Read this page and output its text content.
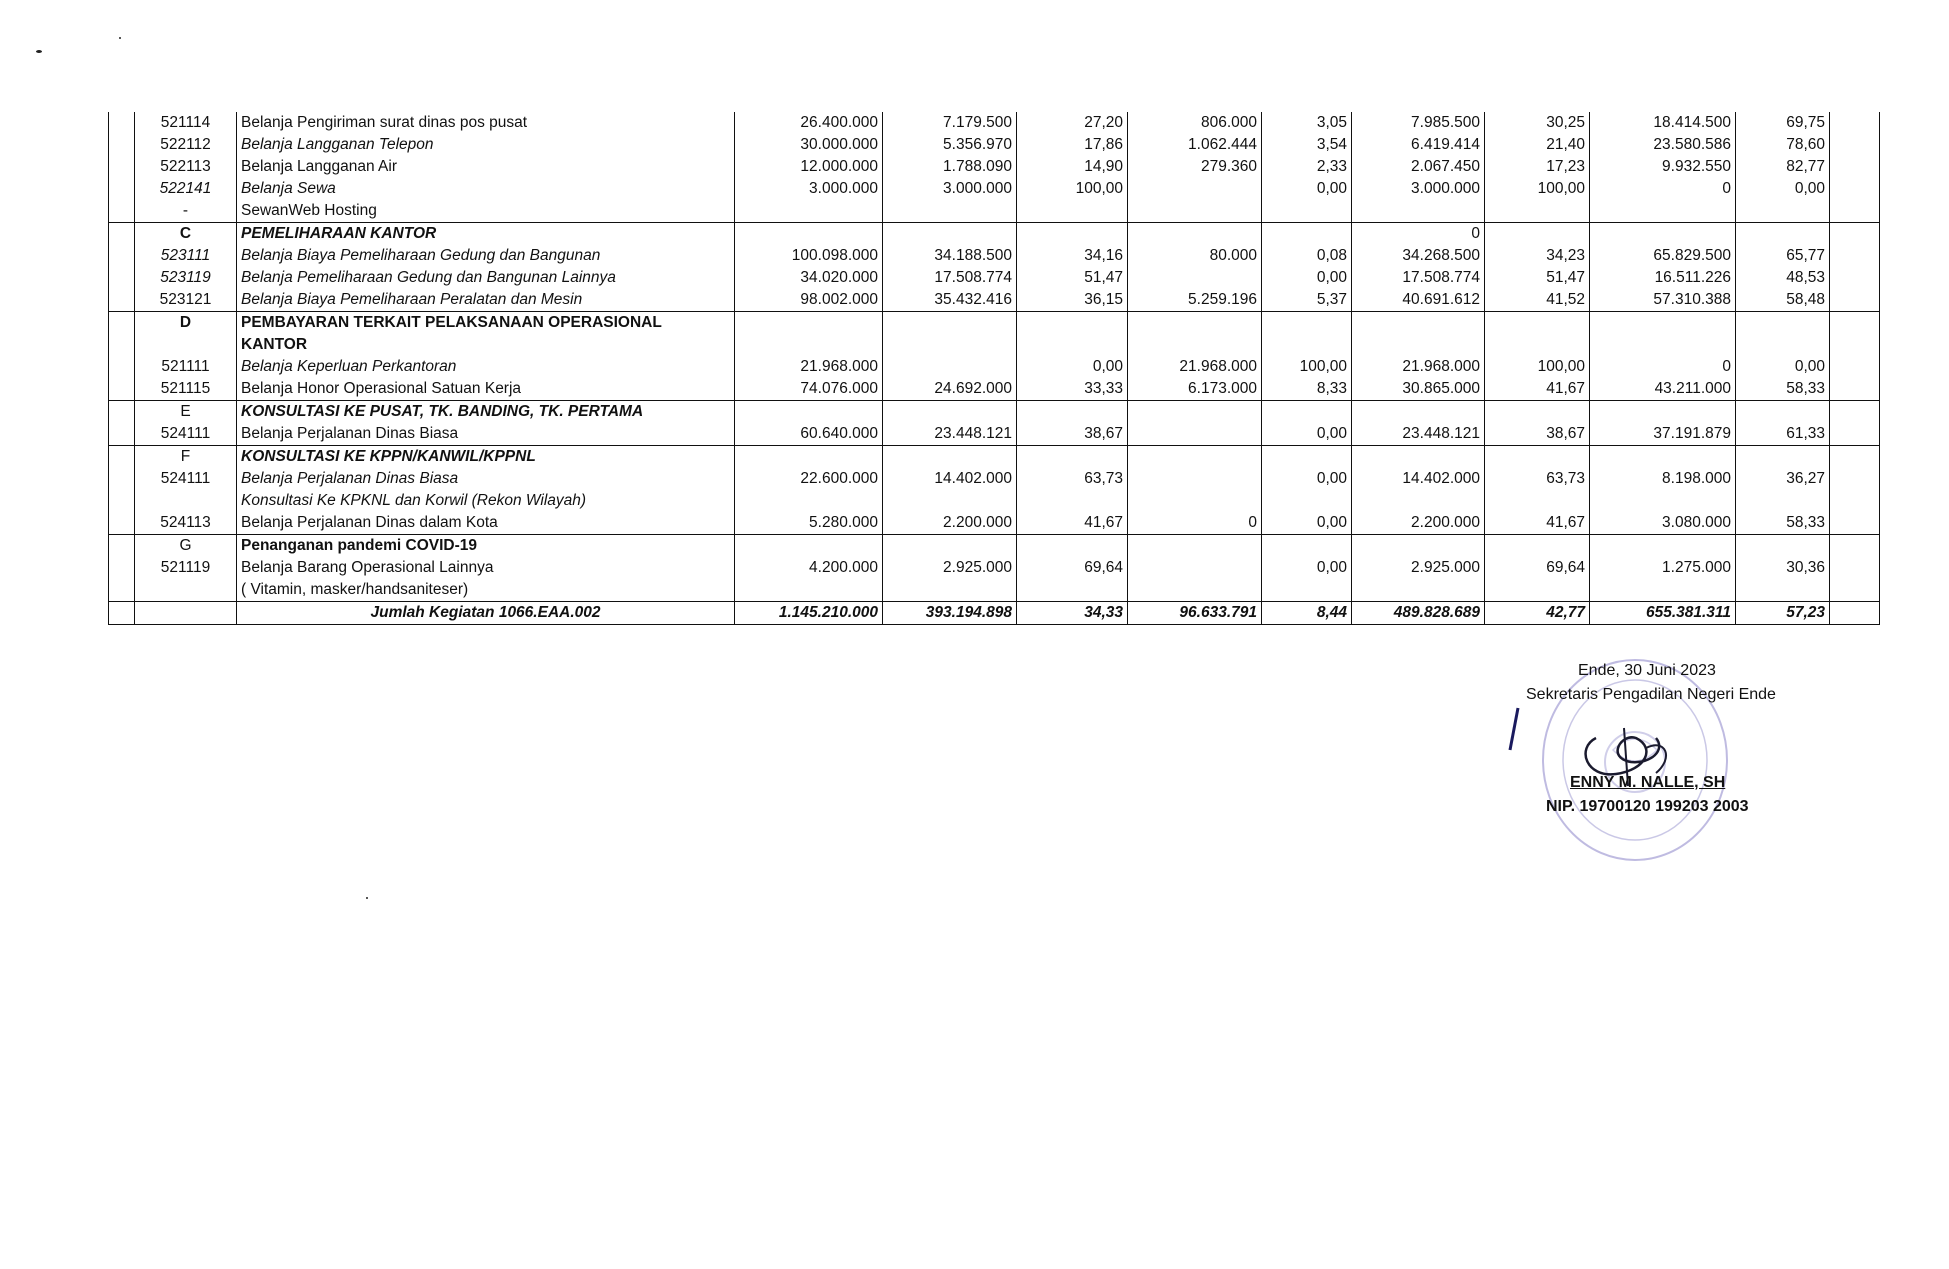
	521114	Belanja Pengiriman surat dinas pos pusat	26.400.000	7.179.500	27,20	806.000	3,05	7.985.500	30,25	18.414.500	69,75	
	522112	Belanja Langganan Telepon	30.000.000	5.356.970	17,86	1.062.444	3,54	6.419.414	21,40	23.580.586	78,60	
	522113	Belanja Langganan Air	12.000.000	1.788.090	14,90	279.360	2,33	2.067.450	17,23	9.932.550	82,77	
	522141	Belanja Sewa	3.000.000	3.000.000	100,00		0,00	3.000.000	100,00	0	0,00	
	-	SewanWeb Hosting										
	C	PEMELIHARAAN KANTOR						0				
	523111	Belanja Biaya Pemeliharaan Gedung dan Bangunan	100.098.000	34.188.500	34,16	80.000	0,08	34.268.500	34,23	65.829.500	65,77	
	523119	Belanja Pemeliharaan Gedung dan Bangunan Lainnya	34.020.000	17.508.774	51,47		0,00	17.508.774	51,47	16.511.226	48,53	
	523121	Belanja Biaya Pemeliharaan Peralatan dan Mesin	98.002.000	35.432.416	36,15	5.259.196	5,37	40.691.612	41,52	57.310.388	58,48	
	D	PEMBAYARAN TERKAIT PELAKSANAAN OPERASIONAL										
		KANTOR										
	521111	Belanja Keperluan Perkantoran	21.968.000		0,00	21.968.000	100,00	21.968.000	100,00	0	0,00	
	521115	Belanja Honor Operasional Satuan Kerja	74.076.000	24.692.000	33,33	6.173.000	8,33	30.865.000	41,67	43.211.000	58,33	
	E	KONSULTASI KE PUSAT, TK. BANDING, TK. PERTAMA										
	524111	Belanja Perjalanan Dinas Biasa	60.640.000	23.448.121	38,67		0,00	23.448.121	38,67	37.191.879	61,33	
	F	KONSULTASI KE KPPN/KANWIL/KPPNL										
	524111	Belanja Perjalanan Dinas Biasa	22.600.000	14.402.000	63,73		0,00	14.402.000	63,73	8.198.000	36,27	
		Konsultasi Ke KPKNL dan Korwil (Rekon Wilayah)										
	524113	Belanja Perjalanan Dinas dalam Kota	5.280.000	2.200.000	41,67	0	0,00	2.200.000	41,67	3.080.000	58,33	
	G	Penanganan pandemi COVID-19										
	521119	Belanja Barang Operasional Lainnya	4.200.000	2.925.000	69,64		0,00	2.925.000	69,64	1.275.000	30,36	
		( Vitamin, masker/handsaniteser)										
		Jumlah Kegiatan 1066.EAA.002	1.145.210.000	393.194.898	34,33	96.633.791	8,44	489.828.689	42,77	655.381.311	57,23	
Ende, 30 Juni 2023
Sekretaris Pengadilan Negeri Ende
ENNY M. NALLE, SH
NIP. 19700120 199203 2003
